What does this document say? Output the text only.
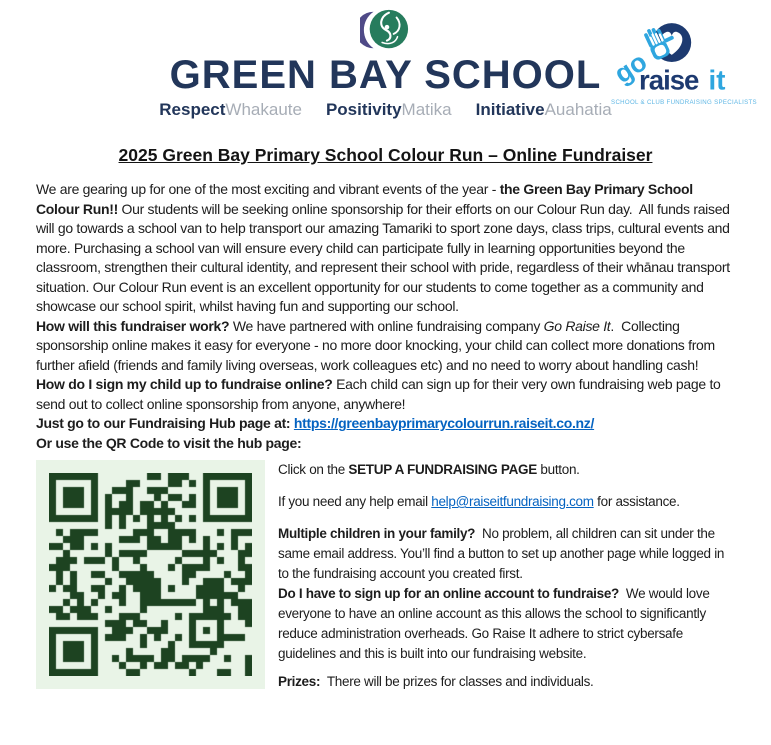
GREEN BAY SCHOOL
RespectWhakaute PositivityMatika InitiativeAuahatia
go
raise it
SCHOOL & CLUB FUNDRAISING SPECIALISTS
2025 Green Bay Primary School Colour Run – Online Fundraiser

We are gearing up for one of the most exciting and vibrant events of the year - the Green Bay Primary School Colour Run!! Our students will be seeking online sponsorship for their efforts on our Colour Run day.  All funds raised will go towards a school van to help transport our amazing Tamariki to sport zone days, class trips, cultural events and more. Purchasing a school van will ensure every child can participate fully in learning opportunities beyond the classroom, strengthen their cultural identity, and represent their school with pride, regardless of their whānau transport situation. Our Colour Run event is an excellent opportunity for our students to come together as a community and showcase our school spirit, whilst having fun and supporting our school.

How will this fundraiser work? We have partnered with online fundraising company Go Raise It.  Collecting sponsorship online makes it easy for everyone - no more door knocking, your child can collect more donations from further afield (friends and family living overseas, work colleagues etc) and no need to worry about handling cash!

How do I sign my child up to fundraise online? Each child can sign up for their very own fundraising web page to send out to collect online sponsorship from anyone, anywhere!

Just go to our Fundraising Hub page at: https://greenbayprimarycolourrun.raiseit.co.nz/

Or use the QR Code to visit the hub page:

Click on the SETUP A FUNDRAISING PAGE button.

If you need any help email help@raiseitfundraising.com for assistance.

Multiple children in your family?  No problem, all children can sit under the same email address. You’ll find a button to set up another page while logged in to the fundraising account you created first.

Do I have to sign up for an online account to fundraise?  We would love everyone to have an online account as this allows the school to significantly reduce administration overheads. Go Raise It adhere to strict cybersafe guidelines and this is built into our fundraising website.

Prizes:  There will be prizes for classes and individuals.
